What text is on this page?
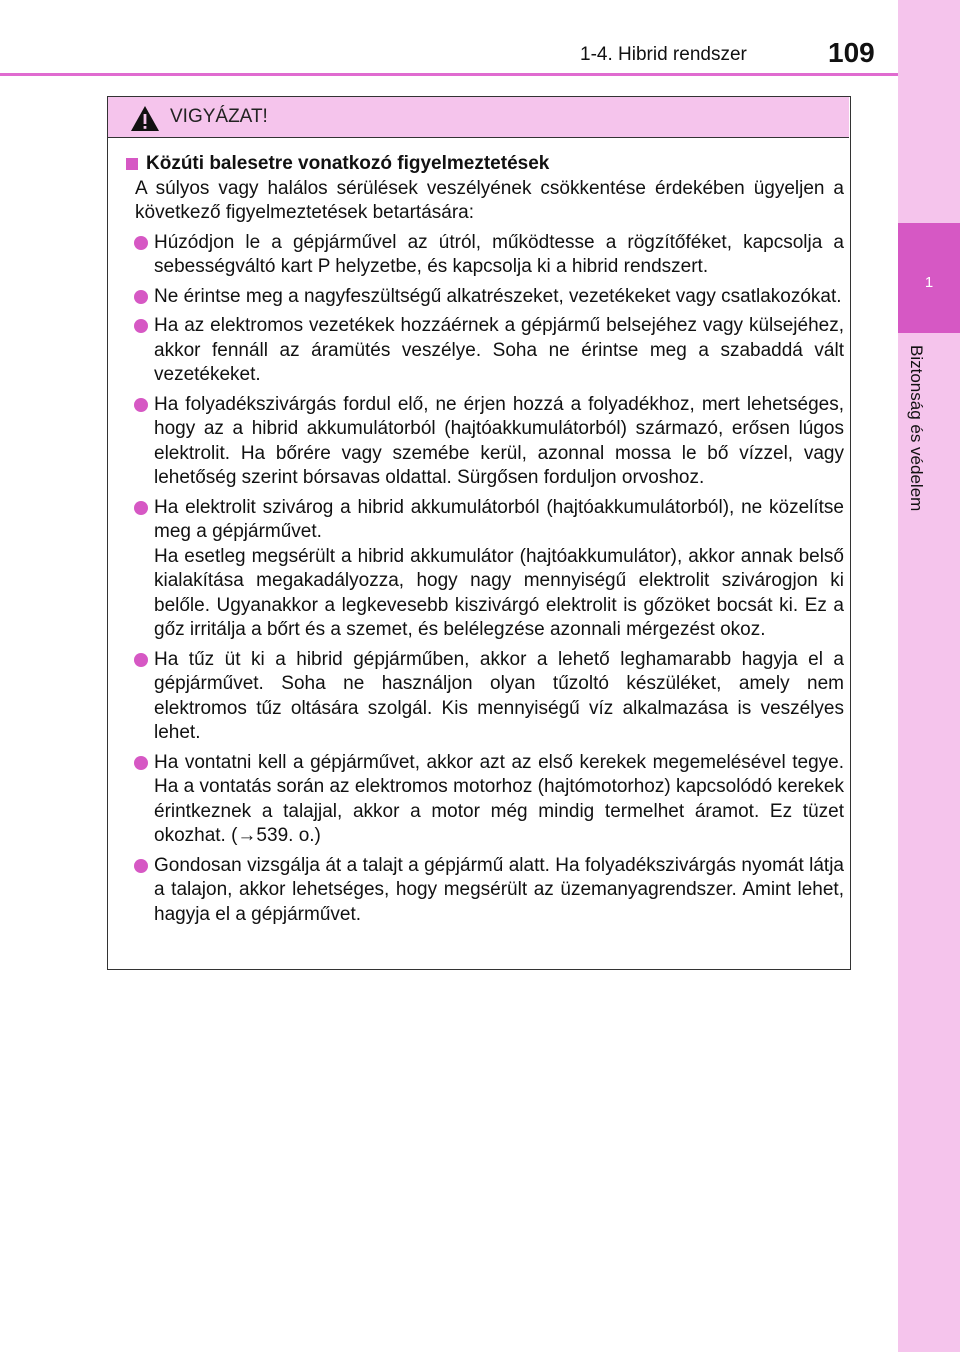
1-4. Hibrid rendszer	109
1
Biztonság és védelem
VIGYÁZAT!
Közúti balesetre vonatkozó figyelmeztetések
A súlyos vagy halálos sérülések veszélyének csökkentése érdekében ügyeljen a következő figyelmeztetések betartására:
Húzódjon le a gépjárművel az útról, működtesse a rögzítőféket, kapcsolja a sebességváltó kart P helyzetbe, és kapcsolja ki a hibrid rendszert.
Ne érintse meg a nagyfeszültségű alkatrészeket, vezetékeket vagy csatlakozókat.
Ha az elektromos vezetékek hozzáérnek a gépjármű belsejéhez vagy külsejéhez, akkor fennáll az áramütés veszélye. Soha ne érintse meg a szabaddá vált vezetékeket.
Ha folyadékszivárgás fordul elő, ne érjen hozzá a folyadékhoz, mert lehetséges, hogy az a hibrid akkumulátorból (hajtóakkumulátorból) származó, erősen lúgos elektrolit. Ha bőrére vagy szemébe kerül, azonnal mossa le bő vízzel, vagy lehetőség szerint bórsavas oldattal. Sürgősen forduljon orvoshoz.
Ha elektrolit szivárog a hibrid akkumulátorból (hajtóakkumulátorból), ne közelítse meg a gépjárművet.
Ha esetleg megsérült a hibrid akkumulátor (hajtóakkumulátor), akkor annak belső kialakítása megakadályozza, hogy nagy mennyiségű elektrolit szivárogjon ki belőle. Ugyanakkor a legkevesebb kiszivárgó elektrolit is gőzöket bocsát ki. Ez a gőz irritálja a bőrt és a szemet, és belélegzése azonnali mérgezést okoz.
Ha tűz üt ki a hibrid gépjárműben, akkor a lehető leghamarabb hagyja el a gépjárművet. Soha ne használjon olyan tűzoltó készüléket, amely nem elektromos tűz oltására szolgál. Kis mennyiségű víz alkalmazása is veszélyes lehet.
Ha vontatni kell a gépjárművet, akkor azt az első kerekek megemelésével tegye. Ha a vontatás során az elektromos motorhoz (hajtómotorhoz) kapcsolódó kerekek érintkeznek a talajjal, akkor a motor még mindig termelhet áramot. Ez tüzet okozhat. (→539. o.)
Gondosan vizsgálja át a talajt a gépjármű alatt. Ha folyadékszivárgás nyomát látja a talajon, akkor lehetséges, hogy megsérült az üzemanyagrendszer. Amint lehet, hagyja el a gépjárművet.
